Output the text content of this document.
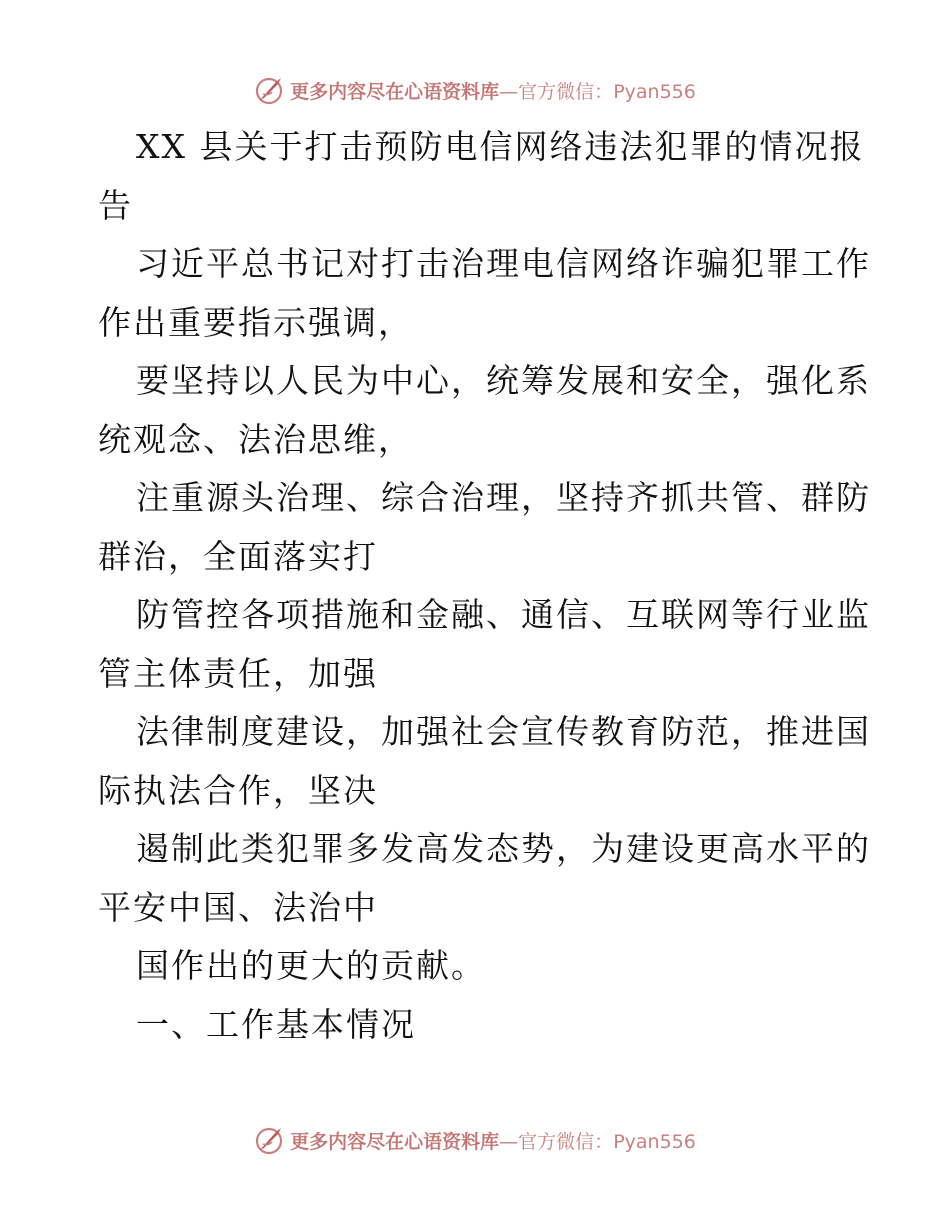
更多内容尽在心语资料库—官方微信：Pyan556
XX 县关于打击预防电信网络违法犯罪的情况报
告
习近平总书记对打击治理电信网络诈骗犯罪工作
作出重要指示强调，
要坚持以人民为中心，统筹发展和安全，强化系
统观念、法治思维，
注重源头治理、综合治理，坚持齐抓共管、群防
群治，全面落实打
防管控各项措施和金融、通信、互联网等行业监
管主体责任，加强
法律制度建设，加强社会宣传教育防范，推进国
际执法合作，坚决
遏制此类犯罪多发高发态势，为建设更高水平的
平安中国、法治中
国作出的更大的贡献。
一、工作基本情况
更多内容尽在心语资料库—官方微信：Pyan556
